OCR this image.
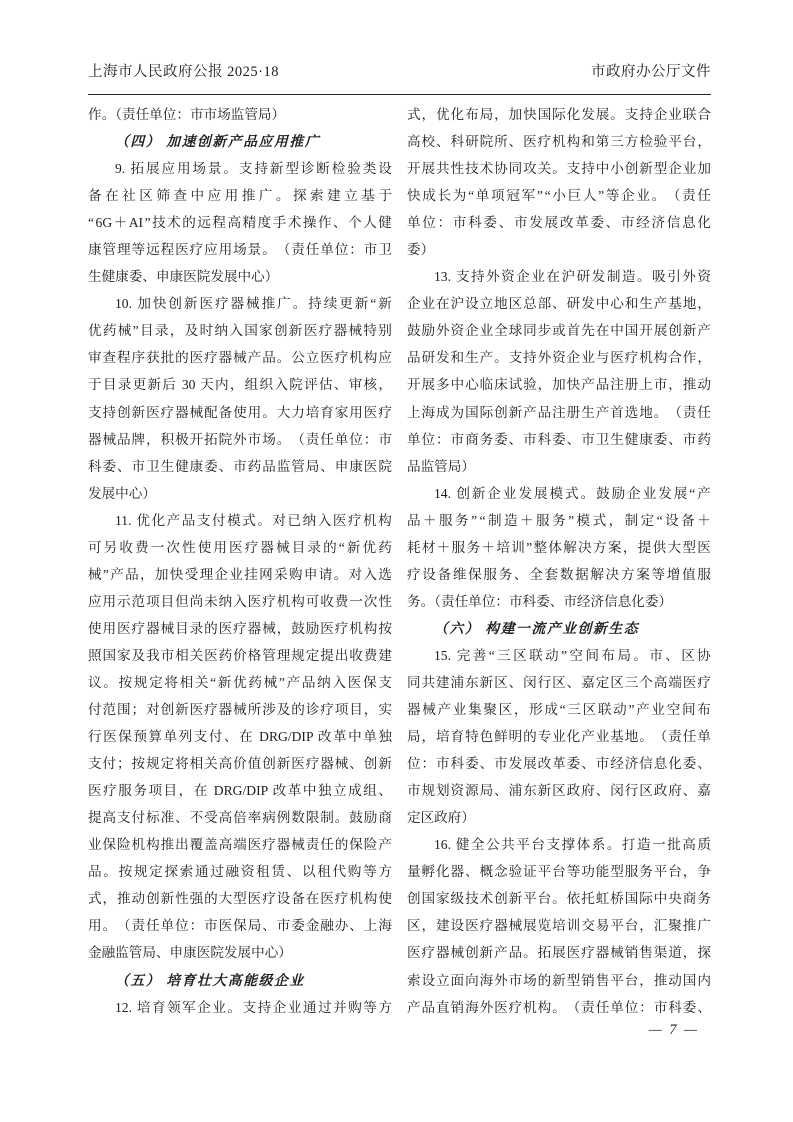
上海市人民政府公报 2025·18	市政府办公厅文件
作。（责任单位：市市场监管局）
（四） 加速创新产品应用推广
9. 拓 展 应 用 场 景 。 支 持 新 型 诊 断 检 验 类 设
备 在 社 区 筛 查 中 应 用 推 广 。 探 索 建 立 基 于
“ 6G ＋ AI ” 技 术 的 远 程 高 精 度 手 术 操 作 、 个 人 健
康 管 理 等 远 程 医 疗 应 用 场 景 。 （ 责 任 单 位 ： 市 卫
生健康委、申康医院发展中心）
10. 加 快 创 新 医 疗 器 械 推 广 。 持 续 更 新 “ 新
优 药 械 ” 目 录 ， 及 时 纳 入 国 家 创 新 医 疗 器 械 特 别
审 查 程 序 获 批 的 医 疗 器 械 产 品 。 公 立 医 疗 机 构 应
于 目 录 更 新 后
30 天 内 ， 组 织 入 院 评 估 、 审 核 ，
支 持 创 新 医 疗 器 械 配 备 使 用 。 大 力 培 育 家 用 医 疗
器 械 品 牌 ， 积 极 开 拓 院 外 市 场 。 （ 责 任 单 位 ： 市
科 委 、 市 卫 生 健 康 委 、 市 药 品 监 管 局 、 申 康 医 院
发展中心）
11. 优 化 产 品 支 付 模 式 。 对 已 纳 入 医 疗 机 构
可 另 收 费 一 次 性 使 用 医 疗 器 械 目 录 的 “ 新 优 药
械 ” 产 品 ， 加 快 受 理 企 业 挂 网 采 购 申 请 。 对 入 选
应 用 示 范 项 目 但 尚 未 纳 入 医 疗 机 构 可 收 费 一 次 性
使 用 医 疗 器 械 目 录 的 医 疗 器 械 ， 鼓 励 医 疗 机 构 按
照 国 家 及 我 市 相 关 医 药 价 格 管 理 规 定 提 出 收 费 建
议 。 按 规 定 将 相 关 “ 新 优 药 械 ” 产 品 纳 入 医 保 支
付 范 围 ； 对 创 新 医 疗 器 械 所 涉 及 的 诊 疗 项 目 ， 实
行 医 保 预 算 单 列 支 付 、 在
DRG/DIP 改 革 中 单 独
支 付 ； 按 规 定 将 相 关 高 价 值 创 新 医 疗 器 械 、 创 新
医 疗 服 务 项 目 ， 在
DRG/DIP 改 革 中 独 立 成 组 、
提 高 支 付 标 准 、 不 受 高 倍 率 病 例 数 限 制 。 鼓 励 商
业 保 险 机 构 推 出 覆 盖 高 端 医 疗 器 械 责 任 的 保 险 产
品 。 按 规 定 探 索 通 过 融 资 租 赁 、 以 租 代 购 等 方
式 ， 推 动 创 新 性 强 的 大 型 医 疗 设 备 在 医 疗 机 构 使
用 。 （ 责 任 单 位 ： 市 医 保 局 、 市 委 金 融 办 、 上 海
金融监管局、申康医院发展中心）
（五） 培育壮大高能级企业
12. 培 育 领 军 企 业 。 支 持 企 业 通 过 并 购 等 方
式 ， 优 化 布 局 ， 加 快 国 际 化 发 展 。 支 持 企 业 联 合
高 校 、 科 研 院 所 、 医 疗 机 构 和 第 三 方 检 验 平 台 ，
开 展 共 性 技 术 协 同 攻 关 。 支 持 中 小 创 新 型 企 业 加
快 成 长 为 “ 单 项 冠 军 ” “ 小 巨 人 ” 等 企 业 。 （ 责 任
单 位 ： 市 科 委 、 市 发 展 改 革 委 、 市 经 济 信 息 化
委）
13. 支 持 外 资 企 业 在 沪 研 发 制 造 。 吸 引 外 资
企 业 在 沪 设 立 地 区 总 部 、 研 发 中 心 和 生 产 基 地 ，
鼓 励 外 资 企 业 全 球 同 步 或 首 先 在 中 国 开 展 创 新 产
品 研 发 和 生 产 。 支 持 外 资 企 业 与 医 疗 机 构 合 作 ，
开 展 多 中 心 临 床 试 验 ， 加 快 产 品 注 册 上 市 ， 推 动
上 海 成 为 国 际 创 新 产 品 注 册 生 产 首 选 地 。 （ 责 任
单 位 ： 市 商 务 委 、 市 科 委 、 市 卫 生 健 康 委 、 市 药
品监管局）
14. 创 新 企 业 发 展 模 式 。 鼓 励 企 业 发 展 “ 产
品 ＋ 服 务 ” “ 制 造 ＋ 服 务 ” 模 式 ， 制 定 “ 设 备 ＋
耗 材 ＋ 服 务 ＋ 培 训 ” 整 体 解 决 方 案 ， 提 供 大 型 医
疗 设 备 维 保 服 务 、 全 套 数 据 解 决 方 案 等 增 值 服
务。（责任单位：市科委、市经济信息化委）
（六） 构建一流产业创新生态
15. 完 善 “ 三 区 联 动 ” 空 间 布 局 。 市 、 区 协
同 共 建 浦 东 新 区 、 闵 行 区 、 嘉 定 区 三 个 高 端 医 疗
器 械 产 业 集 聚 区 ， 形 成 “ 三 区 联 动 ” 产 业 空 间 布
局 ， 培 育 特 色 鲜 明 的 专 业 化 产 业 基 地 。 （ 责 任 单
位 ： 市 科 委 、 市 发 展 改 革 委 、 市 经 济 信 息 化 委 、
市 规 划 资 源 局 、 浦 东 新 区 政 府 、 闵 行 区 政 府 、 嘉
定区政府）
16. 健 全 公 共 平 台 支 撑 体 系 。 打 造 一 批 高 质
量 孵 化 器 、 概 念 验 证 平 台 等 功 能 型 服 务 平 台 ， 争
创 国 家 级 技 术 创 新 平 台 。 依 托 虹 桥 国 际 中 央 商 务
区 ， 建 设 医 疗 器 械 展 览 培 训 交 易 平 台 ， 汇 聚 推 广
医 疗 器 械 创 新 产 品 。 拓 展 医 疗 器 械 销 售 渠 道 ， 探
索 设 立 面 向 海 外 市 场 的 新 型 销 售 平 台 ， 推 动 国 内
产 品 直 销 海 外 医 疗 机 构 。 （ 责 任 单 位 ： 市 科 委 、
— 7 —
